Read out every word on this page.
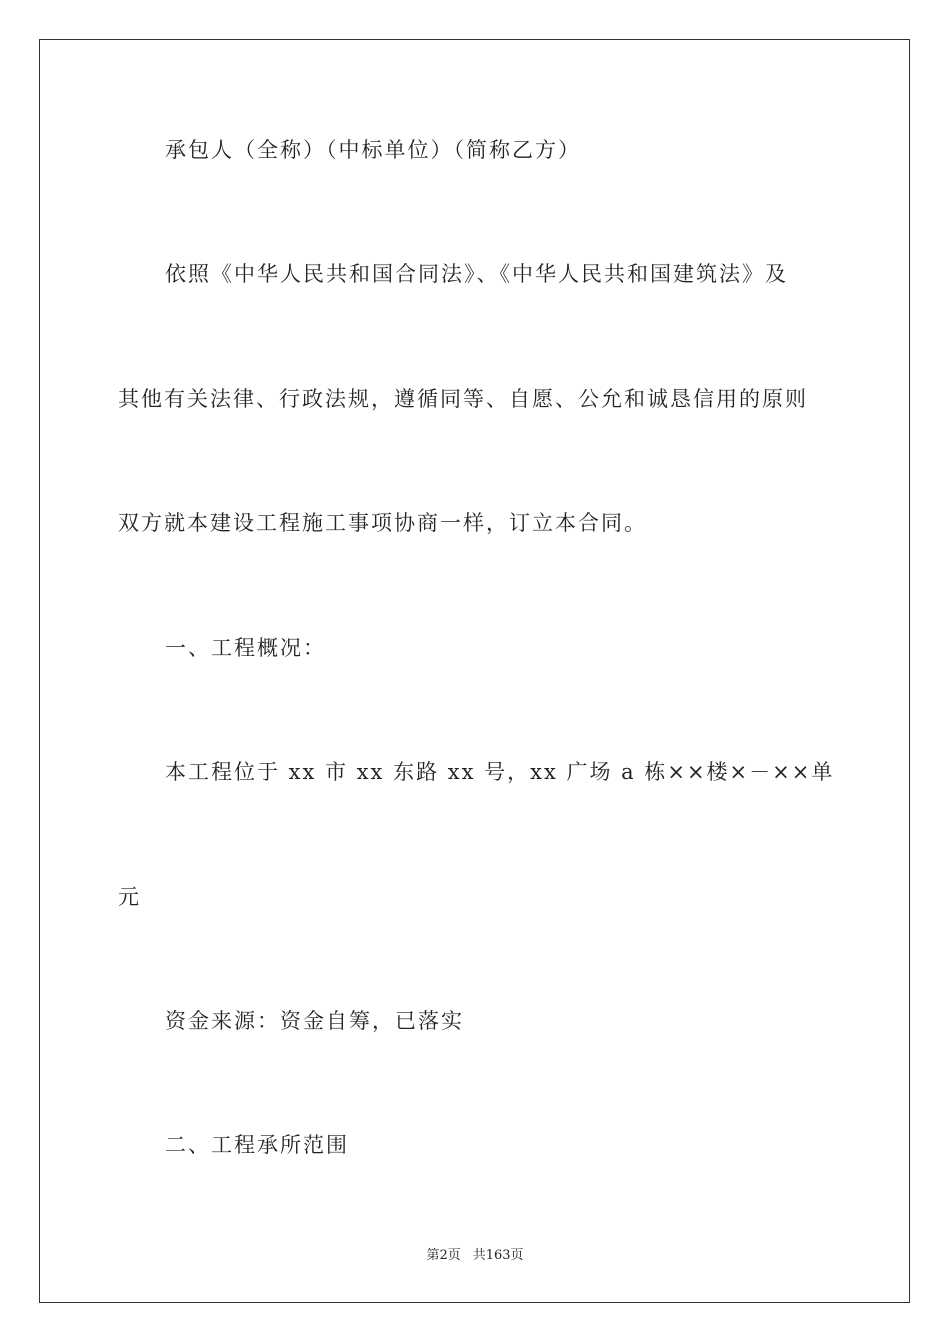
承包人（全称）（中标单位）（简称乙方）
依照《中华人民共和国合同法》、《中华人民共和国建筑法》及
其他有关法律、行政法规，遵循同等、自愿、公允和诚恳信用的原则
双方就本建设工程施工事项协商一样，订立本合同。
一、工程概况：
本工程位于 xx 市 xx 东路 xx 号，xx 广场 a 栋××楼×－××单
元
资金来源：资金自筹，已落实
二、工程承所范围
第2页 共163页
